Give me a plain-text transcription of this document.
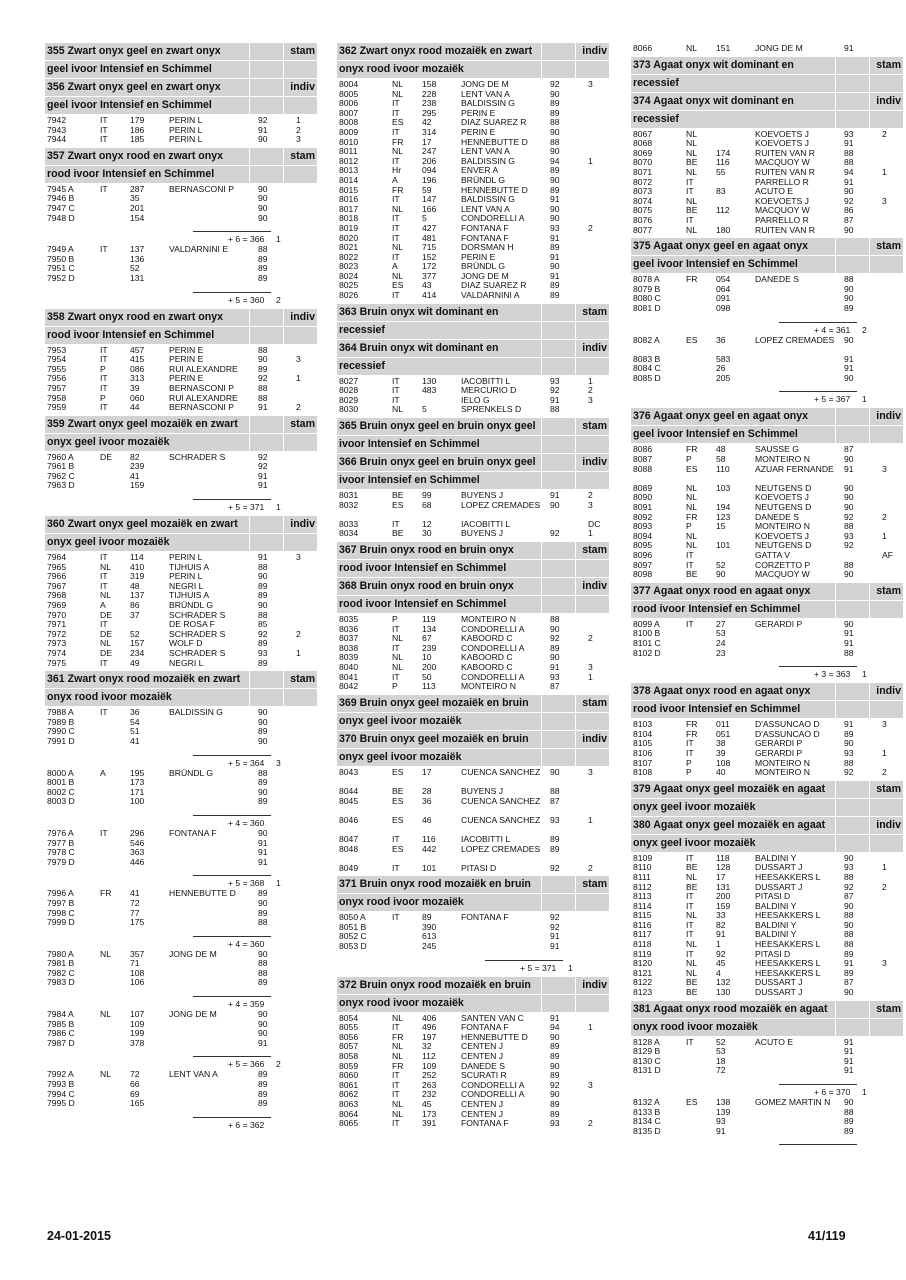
355 Zwart onyx geel en zwart onyx	stam
geel ivoor Intensief en Schimmel
356 Zwart onyx geel en zwart onyx	indiv
geel ivoor Intensief en Schimmel
7942	IT	179	PERIN L	92	1
7943	IT	186	PERIN L	91	2
7944	IT	185	PERIN L	90	3
357 Zwart onyx rood en zwart onyx	stam
rood ivoor Intensief en Schimmel
7945 A	IT	287	BERNASCONI P	90
7946 B	35	90
7947 C	201	90
7948 D	154	90
+ 6 = 366 1
7949 A	IT	137	VALDARNINI E	88
7950 B	136	89
7951 C	52	89
7952 D	131	89
+ 5 = 360 2
358 Zwart onyx rood en zwart onyx	indiv
rood ivoor Intensief en Schimmel
7953	IT	457	PERIN E	88
7954	IT	415	PERIN E	90	3
7955	P	086	RUI ALEXANDRE	89
7956	IT	313	PERIN E	92	1
7957	IT	39	BERNASCONI P	88
7958	P	060	RUI ALEXANDRE	88
7959	IT	44	BERNASCONI P	91	2
359 Zwart onyx geel mozaiëk en zwart	stam
onyx geel ivoor mozaiëk
7960 A	DE 82	SCHRADER S	92
7961 B	239	92
7962 C	41	91
7963 D	159	91
+ 5 = 371 1
360 Zwart onyx geel mozaiëk en zwart	indiv
onyx geel ivoor mozaiëk
7964	IT	114	PERIN L	91	3
7965	NL 410	TIJHUIS A	88
7966	IT	319	PERIN L	90
7967	IT	48	NEGRI L	89
7968	NL 137	TIJHUIS A	89
7969	A	86	BRÜNDL G	90
7970	DE 37	SCHRADER S	88
7971	IT	DE ROSA F	85
7972	DE 52	SCHRADER S	92	2
7973	NL 157	WOLF D	89
7974	DE 234	SCHRADER S	93	1
7975	IT	49	NEGRI L	89
361 Zwart onyx rood mozaiëk en zwart	stam
onyx rood ivoor mozaiëk
7988 A	IT	36	BALDISSIN G	90
7989 B	54	90
7990 C	51	89
7991 D	41	90
+ 5 = 364 3
8000 A	A	195	BRÜNDL G	88
8001 B	173	89
8002 C	171	90
8003 D	100	89
+ 4 = 360
7976 A	IT	296	FONTANA F	90
7977 B	546	91
7978 C	363	91
7979 D	446	91
+ 5 = 368 1
7996 A	FR 41	HENNEBUTTE D	89
7997 B	72	90
7998 C	77	89
7999 D	175	88
+ 4 = 360
7980 A	NL 357	JONG DE M	90
7981 B	71	88
7982 C	108	88
7983 D	106	89
+ 4 = 359
7984 A	NL 107	JONG DE M	90
7985 B	109	90
7986 C	199	90
7987 D	378	91
+ 5 = 366 2
7992 A	NL 72	LENT VAN A	89
7993 B	66	89
7994 C	69	89
7995 D	165	89
+ 6 = 362
362 Zwart onyx rood mozaiëk en zwart	indiv
onyx rood ivoor mozaiëk
8004	NL 158	JONG DE M	92	3
8005	NL 228	LENT VAN A	90
8006	IT	238	BALDISSIN G	89
8007	IT	295	PERIN E	89
8008	ES 42	DIAZ SUAREZ R	88
8009	IT	314	PERIN E	90
8010	FR 17	HENNEBUTTE D	88
8011	NL 247	LENT VAN A	90
8012	IT	206	BALDISSIN G	94	1
8013	Hr 094	ENVER A	89
8014	A	196	BRÜNDL G	90
8015	FR 59	HENNEBUTTE D	89
8016	IT	147	BALDISSIN G	91
8017	NL 166	LENT VAN A	90
8018	IT	5	CONDORELLI A	90
8019	IT	427	FONTANA F	93	2
8020	IT	481	FONTANA F	91
8021	NL 715	DORSMAN H	89
8022	IT	152	PERIN E	91
8023	A	172	BRÜNDL G	90
8024	NL 377	JONG DE M	91
8025	ES 43	DIAZ SUAREZ R	89
8026	IT	414	VALDARNINI A	89
363 Bruin onyx wit dominant en	stam
recessief
364 Bruin onyx wit dominant en	indiv
recessief
8027	IT	130	IACOBITTI L	93	1
8028	IT	483	MERCURIO D	92	2
8029	IT	IELO G	91	3
8030	NL 5	SPRENKELS D	88
365 Bruin onyx geel en bruin onyx geel	stam
ivoor Intensief en Schimmel
366 Bruin onyx geel en bruin onyx geel	indiv
ivoor Intensief en Schimmel
8031	BE 99	BUYENS J	91	2
8032	ES 68	LOPEZ CREMADES	90	3
8033	IT	12	IACOBITTI L	DC
8034	BE 30	BUYENS J	92	1
367 Bruin onyx rood en bruin onyx	stam
rood ivoor Intensief en Schimmel
368 Bruin onyx rood en bruin onyx	indiv
rood ivoor Intensief en Schimmel
8035	P	119	MONTEIRO N	88
8036	IT	134	CONDORELLI A	90
8037	NL 67	KABOORD C	92	2
8038	IT	239	CONDORELLI A	89
8039	NL 10	KABOORD C	90
8040	NL 200	KABOORD C	91	3
8041	IT	50	CONDORELLI A	93	1
8042	P	113	MONTEIRO N	87
369 Bruin onyx geel mozaiëk en bruin	stam
onyx geel ivoor mozaiëk
370 Bruin onyx geel mozaiëk en bruin	indiv
onyx geel ivoor mozaiëk
8043	ES 17	CUENCA SANCHEZ	90	3
8044	BE 28	BUYENS J	88
8045	ES 36	CUENCA SANCHEZ	87
8046	ES 46	CUENCA SANCHEZ	93	1
8047	IT	116	IACOBITTI L	89
8048	ES 442	LOPEZ CREMADES	89
8049	IT	101	PITASI D	92	2
371 Bruin onyx rood mozaiëk en bruin	stam
onyx rood ivoor mozaiëk
8050 A	IT	89	FONTANA F	92
8051 B	390	92
8052 C	613	91
8053 D	245	91
+ 5 = 371 1
372 Bruin onyx rood mozaiëk en bruin	indiv
onyx rood ivoor mozaiëk
8054	NL 406	SANTEN VAN C	91
8055	IT	496	FONTANA F	94	1
8056	FR 197	HENNEBUTTE D	90
8057	NL 32	CENTEN J	89
8058	NL 112	CENTEN J	89
8059	FR 109	DANEDE S	90
8060	IT	252	SCURATI R	89
8061	IT	263	CONDORELLI A	92	3
8062	IT	232	CONDORELLI A	90
8063	NL 45	CENTEN J	89
8064	NL 173	CENTEN J	89
8065	IT	391	FONTANA F	93	2
8066	NL 151	JONG DE M	91
373 Agaat onyx wit dominant en	stam
recessief
374 Agaat onyx wit dominant en	indiv
recessief
8067	NL	KOEVOETS J	93	2
8068	NL	KOEVOETS J	91
8069	NL 174	RUITEN VAN R	88
8070	BE 116	MACQUOY W	88
8071	NL 55	RUITEN VAN R	94	1
8072	IT	PARRELLO R	91
8073	IT	83	ACUTO E	90
8074	NL	KOEVOETS J	92	3
8075	BE 112	MACQUOY W	86
8076	IT	PARRELLO R	87
8077	NL 180	RUITEN VAN R	90
375 Agaat onyx geel en agaat onyx	stam
geel ivoor Intensief en Schimmel
8078 A	FR 054	DANEDE S	88
8079 B	064	90
8080 C	091	90
8081 D	098	89
+ 4 = 361 2
8082 A	ES 36	LOPEZ CREMADES	90
8083 B	583	91
8084 C	26	91
8085 D	205	90
+ 5 = 367 1
376 Agaat onyx geel en agaat onyx	indiv
geel ivoor Intensief en Schimmel
8086	FR 48	SAUSSE G	87
8087	P	58	MONTEIRO N	90
8088	ES 110	AZUAR FERNANDE	91	3
8089	NL 103	NEUTGENS D	90
8090	NL	KOEVOETS J	90
8091	NL 194	NEUTGENS D	90
8092	FR 123	DANEDE S	92	2
8093	P	15	MONTEIRO N	88
8094	NL	KOEVOETS J	93	1
8095	NL 101	NEUTGENS D	92
8096	IT	GATTA V	AF
8097	IT	52	CORZETTO P	88
8098	BE 90	MACQUOY W	90
377 Agaat onyx rood en agaat onyx	stam
rood ivoor Intensief en Schimmel
8099 A	IT	27	GERARDI P	90
8100 B	53	91
8101 C	24	91
8102 D	23	88
+ 3 = 363 1
378 Agaat onyx rood en agaat onyx	indiv
rood ivoor Intensief en Schimmel
8103	FR 011	D'ASSUNCAO D	91	3
8104	FR 051	D'ASSUNCAO D	89
8105	IT	38	GERARDI P	90
8106	IT	39	GERARDI P	93	1
8107	P	108	MONTEIRO N	88
8108	P	40	MONTEIRO N	92	2
379 Agaat onyx geel mozaiëk en agaat	stam
onyx geel ivoor mozaiëk
380 Agaat onyx geel mozaiëk en agaat	indiv
onyx geel ivoor mozaiëk
8109	IT	118	BALDINI Y	90
8110	BE 128	DUSSART J	93	1
8111	NL 17	HEESAKKERS L	88
8112	BE 131	DUSSART J	92	2
8113	IT	200	PITASI D	87
8114	IT	159	BALDINI Y	90
8115	NL 33	HEESAKKERS L	88
8116	IT	82	BALDINI Y	90
8117	IT	91	BALDINI Y	88
8118	NL 1	HEESAKKERS L	88
8119	IT	92	PITASI D	89
8120	NL 45	HEESAKKERS L	91	3
8121	NL 4	HEESAKKERS L	89
8122	BE 132	DUSSART J	87
8123	BE 130	DUSSART J	90
381 Agaat onyx rood mozaiëk en agaat	stam
onyx rood ivoor mozaiëk
8128 A	IT	52	ACUTO E	91
8129 B	53	91
8130 C	18	91
8131 D	72	91
+ 6 = 370 1
8132 A	ES 138	GOMEZ MARTIN N	90
8133 B	139	88
8134 C	93	89
8135 D	91	89
24-01-2015	41/119
